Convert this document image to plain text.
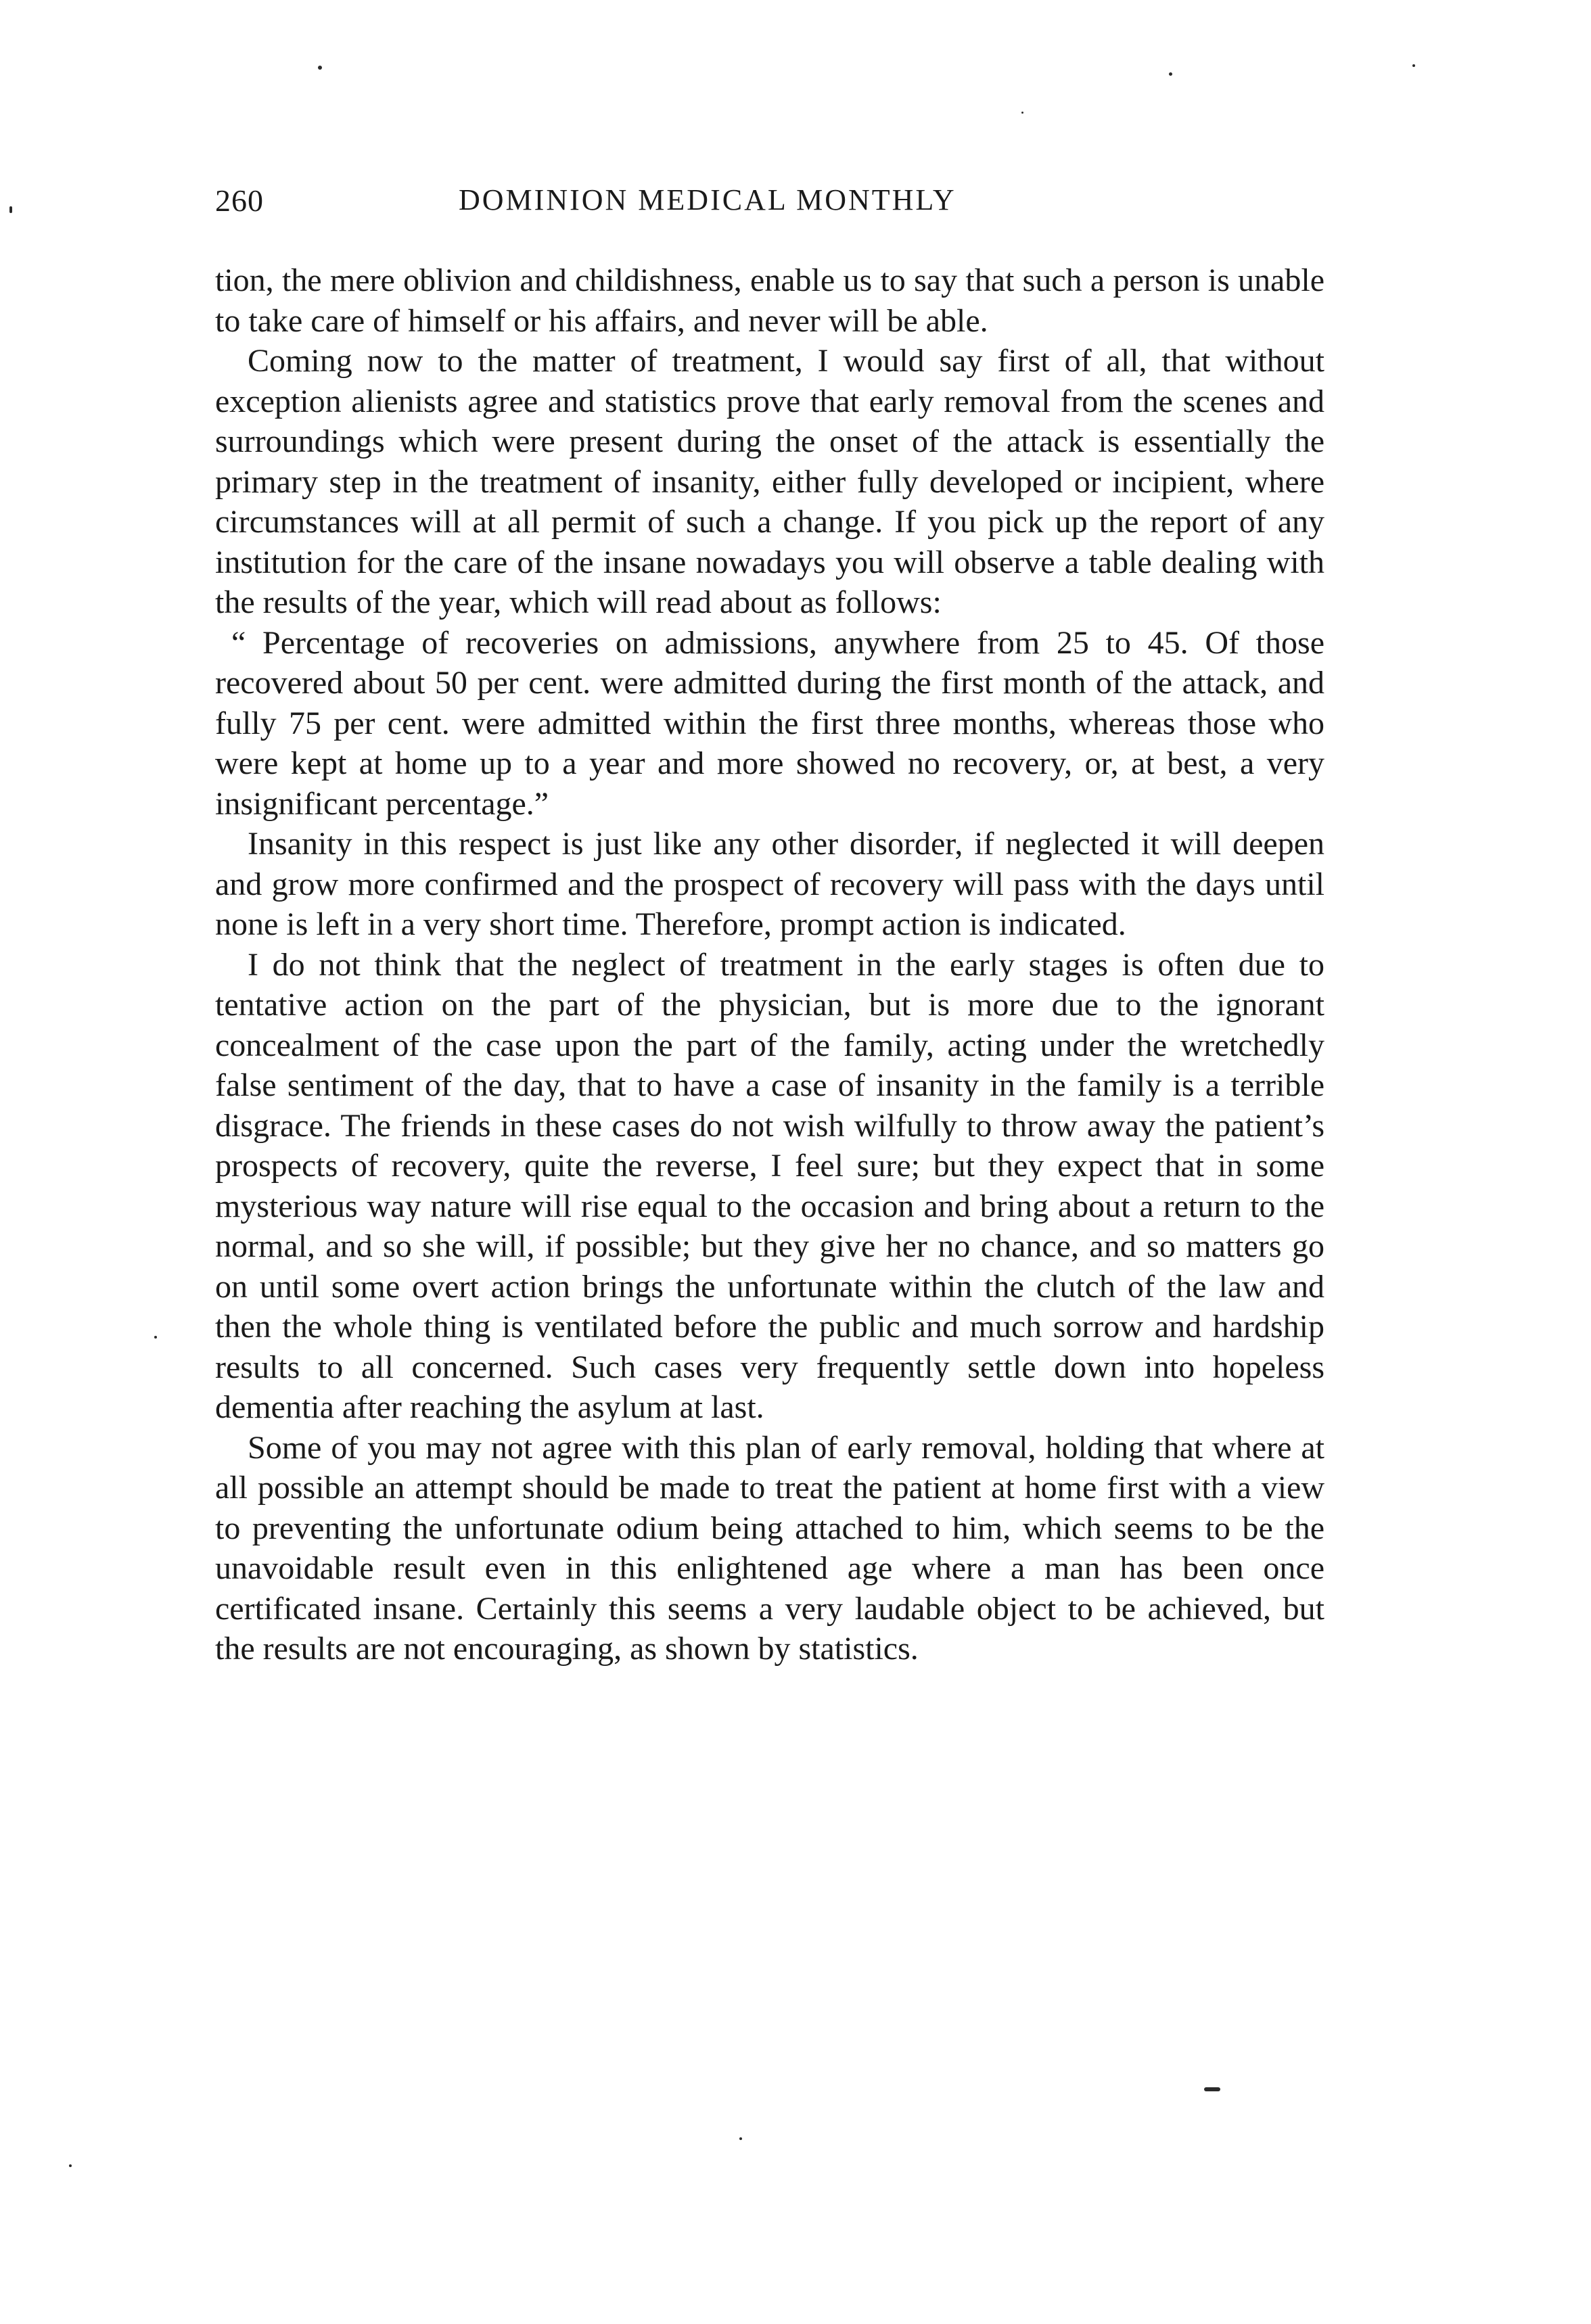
260	DOMINION MEDICAL MONTHLY

tion, the mere oblivion and childishness, enable us to say that such a person is unable to take care of himself or his affairs, and never will be able.

Coming now to the matter of treatment, I would say first of all, that without exception alienists agree and statistics prove that early removal from the scenes and surroundings which were present during the onset of the attack is essentially the primary step in the treatment of insanity, either fully developed or incipient, where circumstances will at all permit of such a change. If you pick up the report of any institution for the care of the insane nowadays you will observe a table dealing with the results of the year, which will read about as follows:

“ Percentage of recoveries on admissions, anywhere from 25 to 45. Of those recovered about 50 per cent. were admitted during the first month of the attack, and fully 75 per cent. were admitted within the first three months, whereas those who were kept at home up to a year and more showed no recovery, or, at best, a very insignificant percentage.”

Insanity in this respect is just like any other disorder, if neglected it will deepen and grow more confirmed and the prospect of recovery will pass with the days until none is left in a very short time. Therefore, prompt action is indicated.

I do not think that the neglect of treatment in the early stages is often due to tentative action on the part of the physician, but is more due to the ignorant concealment of the case upon the part of the family, acting under the wretchedly false sentiment of the day, that to have a case of insanity in the family is a terrible disgrace. The friends in these cases do not wish wilfully to throw away the patient’s prospects of recovery, quite the reverse, I feel sure; but they expect that in some mysterious way nature will rise equal to the occasion and bring about a return to the normal, and so she will, if possible; but they give her no chance, and so matters go on until some overt action brings the unfortunate within the clutch of the law and then the whole thing is ventilated before the public and much sorrow and hardship results to all concerned. Such cases very frequently settle down into hopeless dementia after reaching the asylum at last.

Some of you may not agree with this plan of early removal, holding that where at all possible an attempt should be made to treat the patient at home first with a view to preventing the unfortunate odium being attached to him, which seems to be the unavoidable result even in this enlightened age where a man has been once certificated insane. Certainly this seems a very laudable object to be achieved, but the results are not encouraging, as shown by statistics.
